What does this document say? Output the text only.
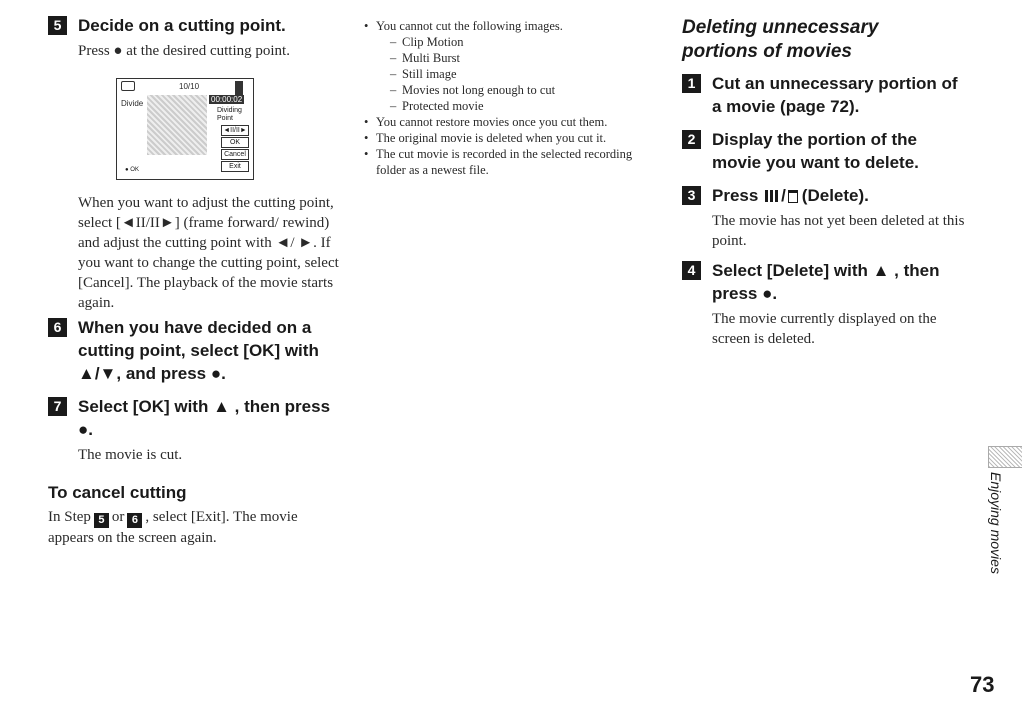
5 Decide on a cutting point.

Press ● at the desired cutting point.

10/10
Divide	00:00:02
Dividing Point
◄II/II►
OK
Cancel
Exit
● OK

When you want to adjust the cutting point, select [◄II/II►] (frame forward/ rewind) and adjust the cutting point with ◄/ ►. If you want to change the cutting point, select [Cancel]. The playback of the movie starts again.

6 When you have decided on a cutting point, select [OK] with ▲/▼, and press ●.

7 Select [OK] with ▲ , then press ●.

The movie is cut.

To cancel cutting

In Step 5 or 6 , select [Exit]. The movie appears on the screen again.

• You cannot cut the following images.
– Clip Motion
– Multi Burst
– Still image
– Movies not long enough to cut
– Protected movie
• You cannot restore movies once you cut them.
• The original movie is deleted when you cut it.
• The cut movie is recorded in the selected recording folder as a newest file.

Deleting unnecessary portions of movies

1 Cut an unnecessary portion of a movie (page 72).

2 Display the portion of the movie you want to delete.

3 Press / (Delete).

The movie has not yet been deleted at this point.

4 Select [Delete] with ▲ , then press ●.

The movie currently displayed on the screen is deleted.

Enjoying movies
73
